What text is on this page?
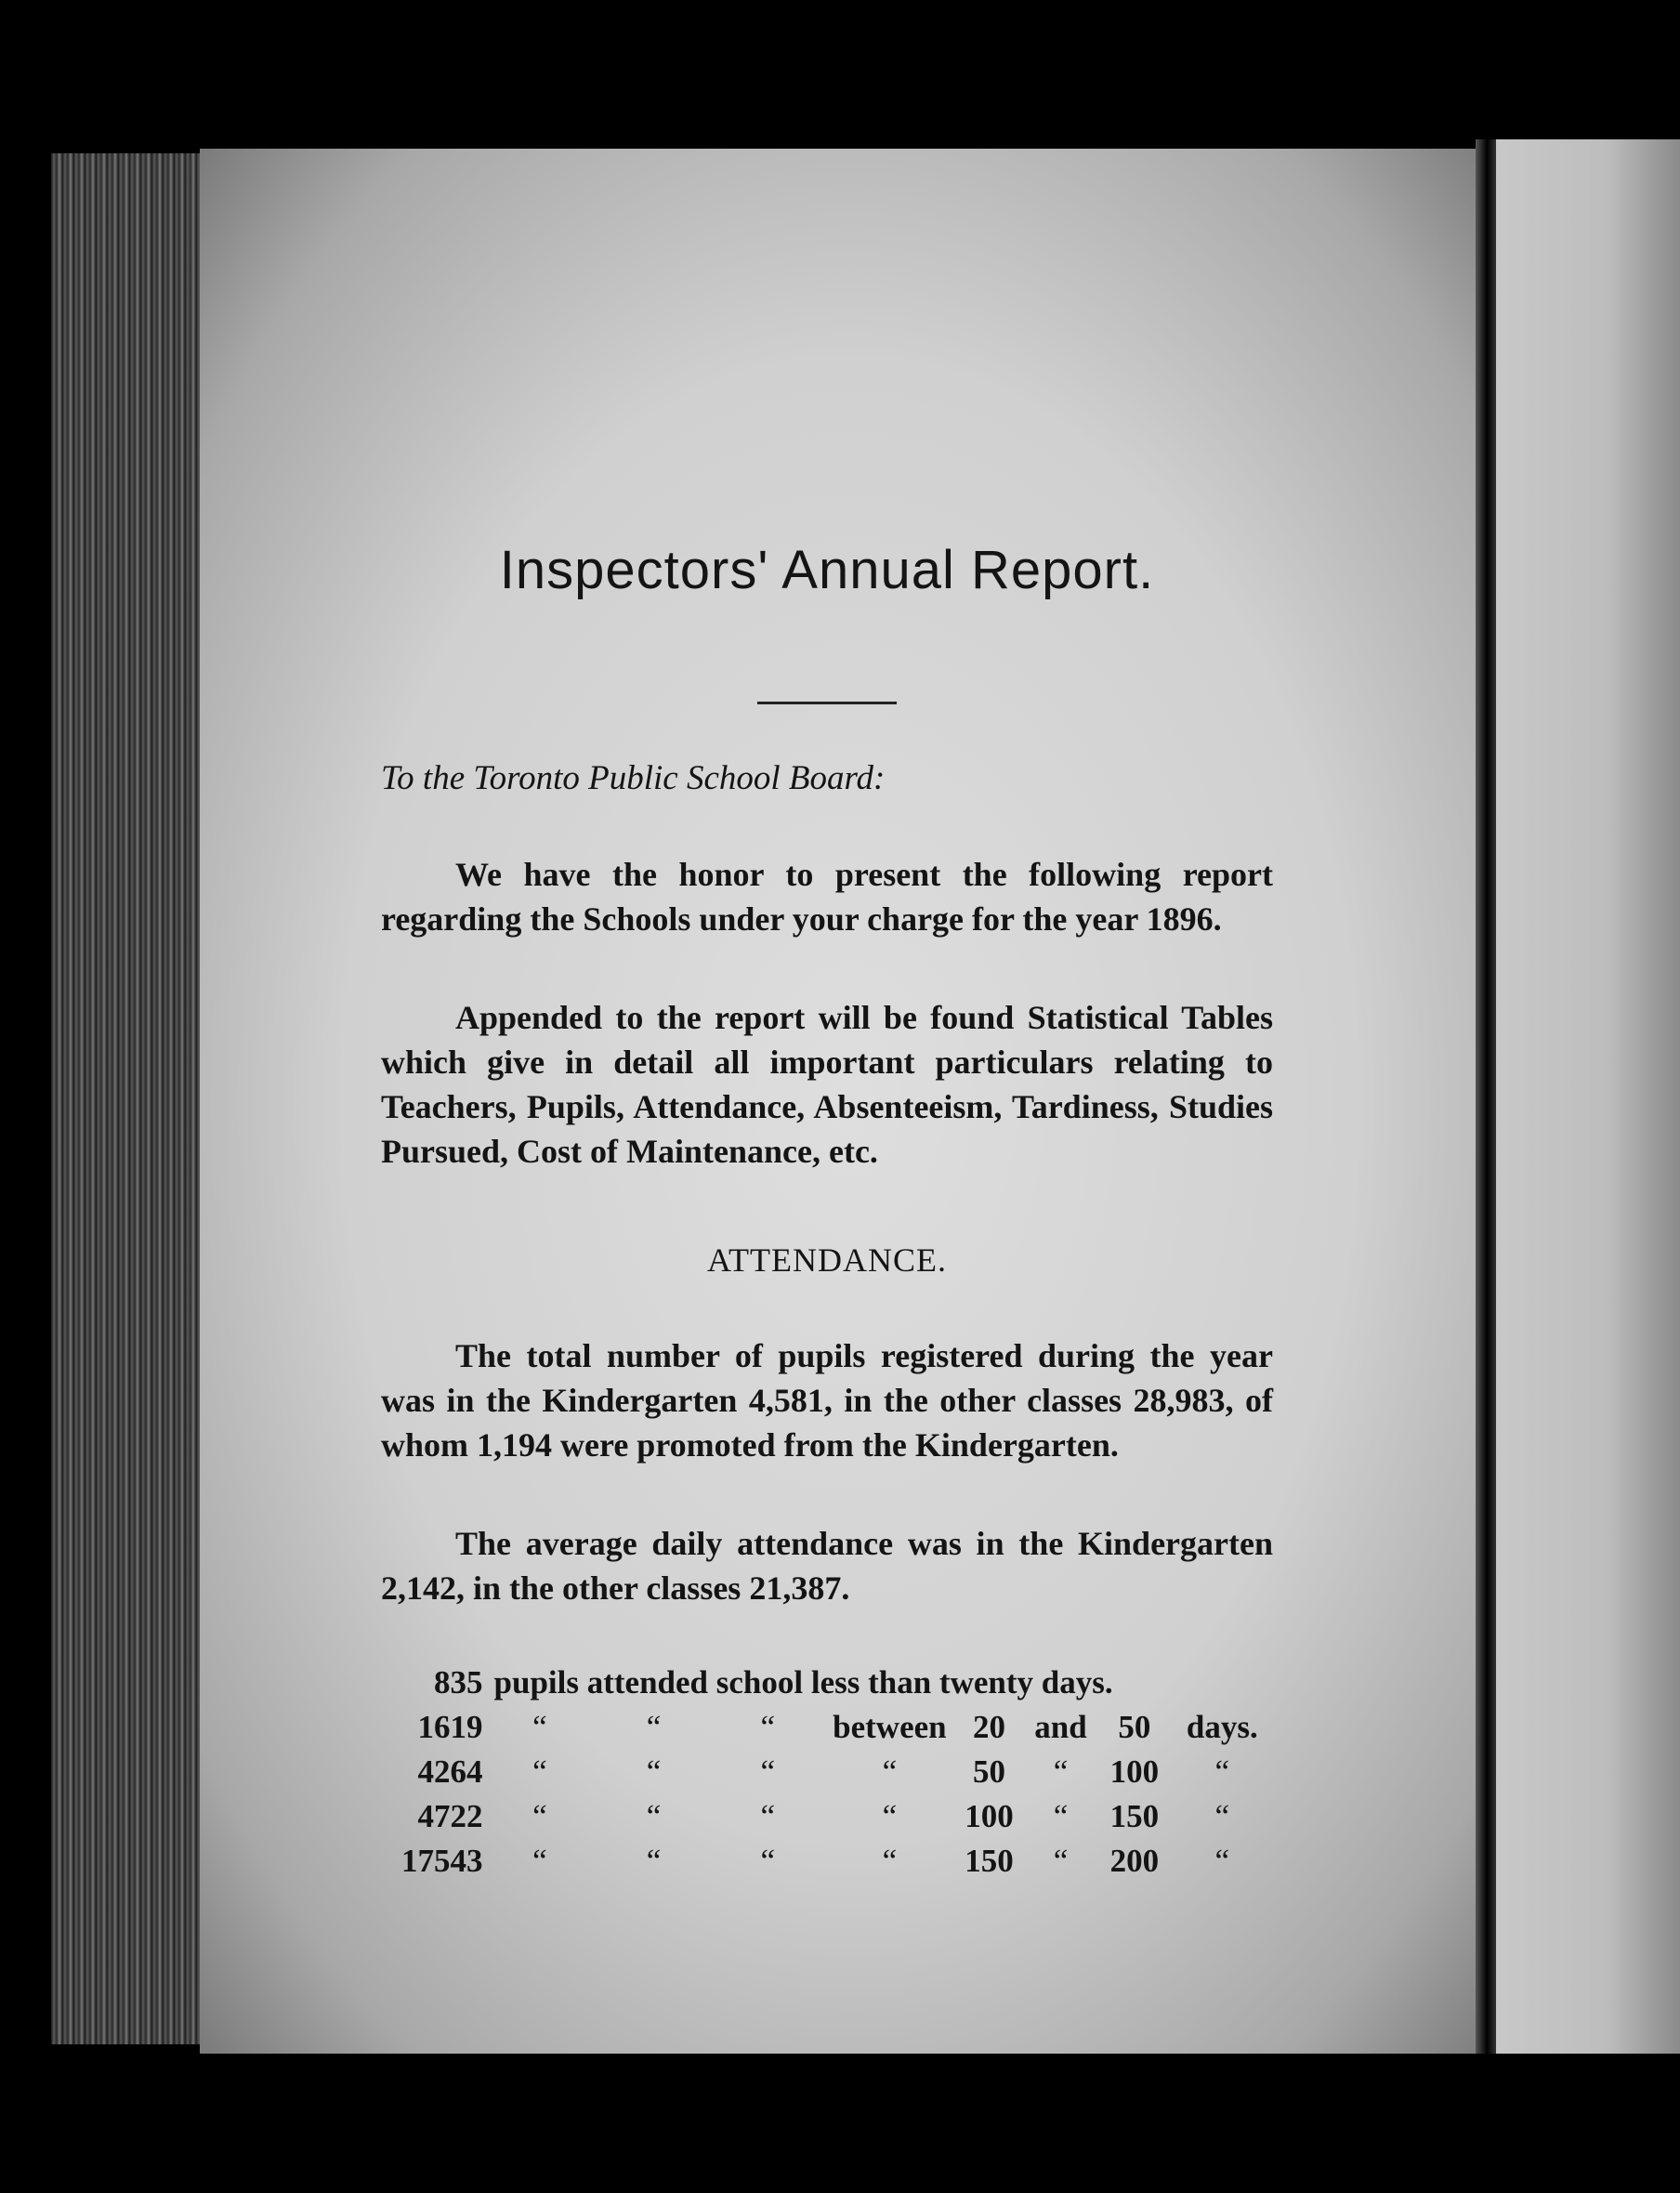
Inspectors' Annual Report.
To the Toronto Public School Board:

We have the honor to present the following report regarding the Schools under your charge for the year 1896.

Appended to the report will be found Statistical Tables which give in detail all important particulars relating to Teachers, Pupils, Attendance, Absenteeism, Tardiness, Studies Pursued, Cost of Maintenance, etc.

ATTENDANCE.

The total number of pupils registered during the year was in the Kindergarten 4,581, in the other classes 28,983, of whom 1,194 were promoted from the Kindergarten.

The average daily attendance was in the Kindergarten 2,142, in the other classes 21,387.

835	pupils attended school less than twenty days.							
1619	“	“	“	between	20	and	50	days.
4264	“	“	“	“	50	“	100	“
4722	“	“	“	“	100	“	150	“
17543	“	“	“	“	150	“	200	“
